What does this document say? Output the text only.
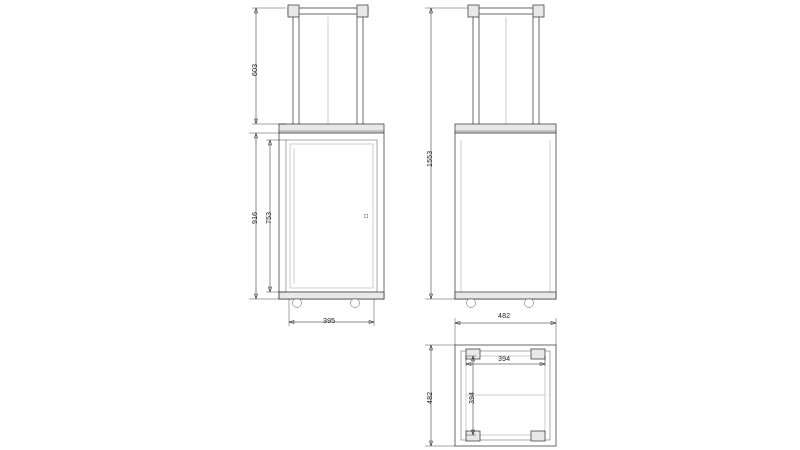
603
916 753
395
1553
482
482
394
394
